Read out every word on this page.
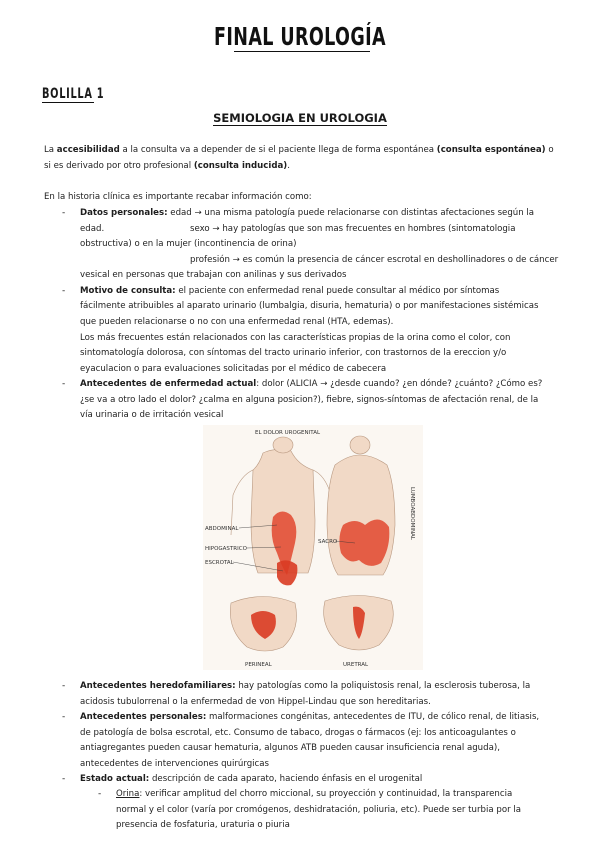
FINAL UROLOGÍA
BOLILLA 1
SEMIOLOGIA EN UROLOGIA
La accesibilidad a la consulta va a depender de si el paciente llega de forma espontánea (consulta espontánea) o
si es derivado por otro profesional (consulta inducida).
En la historia clínica es importante recabar información como:
- Datos personales: edad → una misma patología puede relacionarse con distintas afectaciones según la
edad.	sexo → hay patologías que son mas frecuentes en hombres (sintomatologia
obstructiva) o en la mujer (incontinencia de orina)
profesión → es común la presencia de cáncer escrotal en deshollinadores o de cáncer
vesical en personas que trabajan con anilinas y sus derivados
- Motivo de consulta: el paciente con enfermedad renal puede consultar al médico por síntomas
fácilmente atribuibles al aparato urinario (lumbalgia, disuria, hematuria) o por manifestaciones sistémicas
que pueden relacionarse o no con una enfermedad renal (HTA, edemas).
Los más frecuentes están relacionados con las características propias de la orina como el color, con
sintomatología dolorosa, con síntomas del tracto urinario inferior, con trastornos de la ereccion y/o
eyaculacion o para evaluaciones solicitadas por el médico de cabecera
- Antecedentes de enfermedad actual: dolor (ALICIA → ¿desde cuando? ¿en dónde? ¿cuánto? ¿Cómo es?
¿se va a otro lado el dolor? ¿calma en alguna posicion?), fiebre, signos-síntomas de afectación renal, de la
vía urinaria o de irritación vesical
EL DOLOR UROGENITAL
ABDOMINAL
HIPOGASTRICO
ESCROTAL
SACRO
LUMBOABDOMINAL
PERINEAL	URETRAL
- Antecedentes heredofamiliares: hay patologías como la poliquistosis renal, la esclerosis tuberosa, la
acidosis tubulorrenal o la enfermedad de von Hippel-Lindau que son hereditarias.
- Antecedentes personales: malformaciones congénitas, antecedentes de ITU, de cólico renal, de litiasis,
de patología de bolsa escrotal, etc. Consumo de tabaco, drogas o fármacos (ej: los anticoagulantes o
antiagregantes pueden causar hematuria, algunos ATB pueden causar insuficiencia renal aguda),
antecedentes de intervenciones quirúrgicas
- Estado actual: descripción de cada aparato, haciendo énfasis en el urogenital
- Orina: verificar amplitud del chorro miccional, su proyección y continuidad, la transparencia
normal y el color (varía por cromógenos, deshidratación, poliuria, etc). Puede ser turbia por la
presencia de fosfaturia, uraturia o piuria
